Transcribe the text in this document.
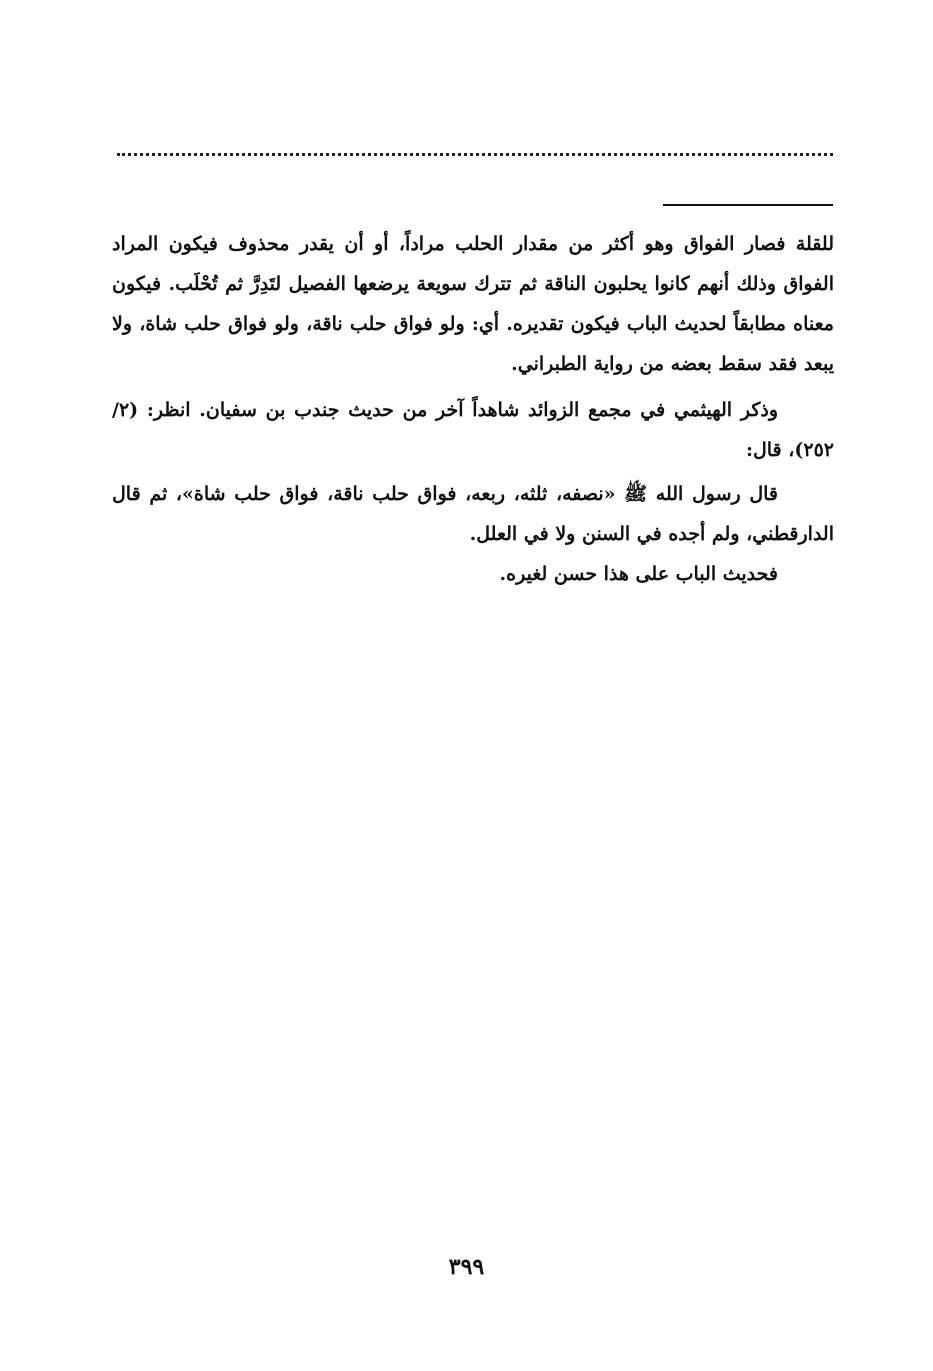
للقلة فصار الفواق وهو أكثر من مقدار الحلب مراداً، أو أن يقدر محذوف فيكون المراد الفواق وذلك أنهم كانوا يحلبون الناقة ثم تترك سويعة يرضعها الفصيل لتَدِرَّ ثم تُحْلَب. فيكون معناه مطابقاً لحديث الباب فيكون تقديره. أي: ولو فواق حلب ناقة، ولو فواق حلب شاة، ولا يبعد فقد سقط بعضه من رواية الطبراني.

وذكر الهيثمي في مجمع الزوائد شاهداً آخر من حديث جندب بن سفيان. انظر: (٢/ ٢٥٢)، قال:

قال رسول الله ﷺ «نصفه، ثلثه، ربعه، فواق حلب ناقة، فواق حلب شاة»، ثم قال الدارقطني، ولم أجده في السنن ولا في العلل.

فحديث الباب على هذا حسن لغيره.

٣٩٩
